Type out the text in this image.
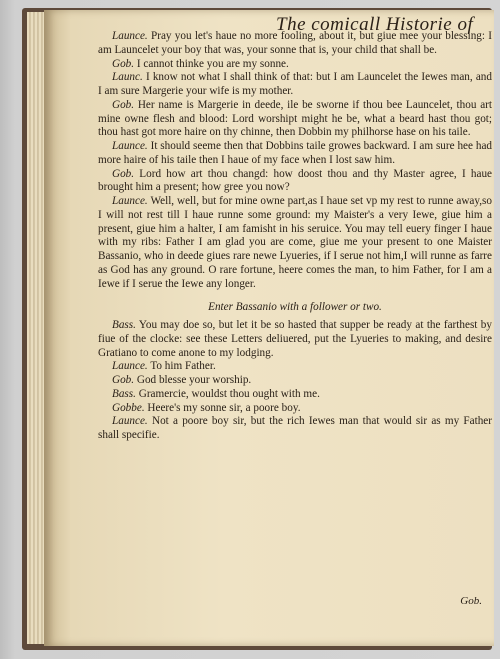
The comicall Historie of

Launce. Pray you let's haue no more fooling, about it, but giue mee your blessing: I am Launcelet your boy that was, your sonne that is, your child that shall be.

Gob. I cannot thinke you are my sonne.

Launc. I know not what I shall think of that: but I am Launcelet the Iewes man, and I am sure Margerie your wife is my mother.

Gob. Her name is Margerie in deede, ile be sworne if thou bee Launcelet, thou art mine owne flesh and blood: Lord worshipt might he be, what a beard hast thou got; thou hast got more haire on thy chinne, then Dobbin my philhorse hase on his taile.

Launce. It should seeme then that Dobbins taile growes backward. I am sure hee had more haire of his taile then I haue of my face when I lost saw him.

Gob. Lord how art thou changd: how doost thou and thy Master agree, I haue brought him a present; how gree you now?

Launce. Well, well, but for mine owne part,as I haue set vp my rest to runne away,so I will not rest till I haue runne some ground: my Maister's a very Iewe, giue him a present, giue him a halter, I am famisht in his seruice. You may tell euery finger I haue with my ribs: Father I am glad you are come, giue me your present to one Maister Bassanio, who in deede giues rare newe Lyueries, if I serue not him,I will runne as farre as God has any ground. O rare fortune, heere comes the man, to him Father, for I am a Iewe if I serue the Iewe any longer.

Enter Bassanio with a follower or two.

Bass. You may doe so, but let it be so hasted that supper be ready at the farthest by fiue of the clocke: see these Letters deliuered, put the Lyueries to making, and desire Gratiano to come anone to my lodging.

Launce. To him Father.

Gob. God blesse your worship.

Bass. Gramercie, wouldst thou ought with me.

Gobbe. Heere's my sonne sir, a poore boy.

Launce. Not a poore boy sir, but the rich Iewes man that would sir as my Father shall specifie.

Gob.
